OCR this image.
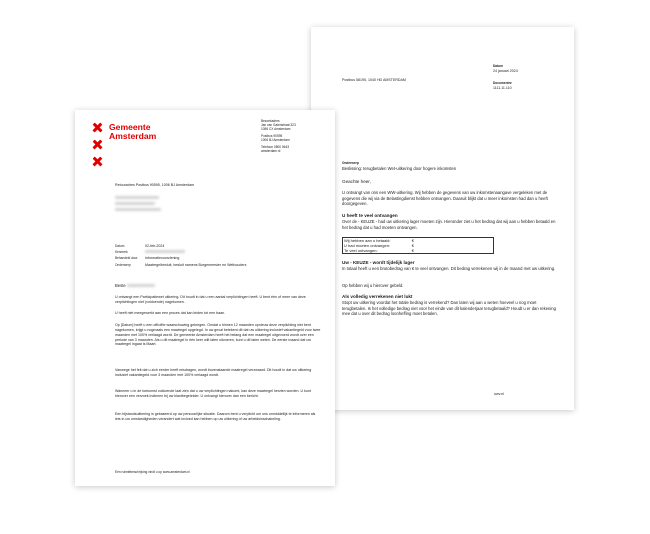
Datum
24 januari 2024
Documentnr
1111.11.110
Postbus 58195, 1040 HD AMSTERDAM
Onderwerp
Beslissing: terugbetalen Wet-uitkering door hogere inkomsten
Geachte heer,
U ontvangt van ons een WW-uitkering. Wij hebben de gegevens van uw inkomstenaangave vergeleken met de gegevens die wij via de Belastingdienst hebben ontvangen. Daaruit blijkt dat u meer inkomsten had dan u heeft doorgegeven.
U heeft te veel ontvangen
Over de - KEUZE - had uw uitkering lager moeten zijn. Hieronder ziet u het bedrag dat wij aan u hebben betaald en het bedrag dat u had moeten ontvangen.
Wij hebben aan u betaald:	€
U had moeten ontvangen:	€
Te veel ontvangen:	€
Uw - KEUZE - wordt tijdelijk lager
In totaal heeft u een brutobedrag van € te veel ontvangen. Dit bedrag verrekenen wij in de maand met uw uitkering.
Op hebben wij u hierover gebeld.
Als volledig verrekenen niet lukt
Stopt uw uitkering voordat het totale bedrag is verrekend? Dan laten wij aan u weten hoeveel u nog moet terugbetalen. Is het volledige bedrag niet voor het einde van dit kalenderjaar terugbetaald? Houdt u er dan rekening mee dat u over dit bedrag loonheffing moet betalen.
uwv.nl
Gemeente
Amsterdam
Bezoekadres
Jan van Galenstraat 323
1056 CX Amsterdam
Postbus 90595
1006 BJ Amsterdam
Telefoon 0800 0643
amsterdam.nl
Retouradres Postbus 90595, 1006 BJ Amsterdam
Datum	02-feb-2024
Kenmerk
Behandeld door Informatievoorziening
Onderwerp	Maatregelbesluit, besluit namens Burgemeester en Wethouders
Beste
U ontvangt een Participatiewet uitkering. Dit houdt in dat u een aantal verplichtingen heeft. U bent één of meer van deze verplichtingen niet (voldoende) nagekomen.
U heeft niet meegewerkt aan een proces dat kan leiden tot een baan.
Op [Datum] heeft u een officiële waarschuwing gekregen. Omdat u binnen 12 maanden opnieuw deze verplichting niet bent nagekomen, krijgt u nogmaals een maatregel opgelegd. In uw geval betekent dit dat uw uitkering inclusief vakantiegeld voor twee maanden met 100% verlaagd wordt. De gemeente Amsterdam heeft het belang dat een maatregel uitgevoerd wordt over een periode van 3 maanden. Als u dit maatregel in één keer wilt laten uitvoeren, kunt u dit laten weten. De eerste maand dat uw maatregel ingaat is Maart.
Vanwege het feit dat u zich eerder heeft misdragen, wordt bovenstaande maatregel verzwaard. Dit houdt in dat uw uitkering inclusief vakantiegeld voor 3 maanden met 100% verlaagd wordt.
Wanneer u in de toekomst voldoende laat zien dat u uw verplichtingen nakomt, kan deze maatregel herzien worden. U kunt hierover een verzoek indienen bij uw klantbegeleider. U ontvangt hierover dan een bericht.
Een bijstandsuitkering is gebaseerd op uw persoonlijke situatie. Daarom bent u verplicht om ons onmiddellijk te informeren als iets in uw omstandigheden verandert wat invloed kan hebben op uw uitkering of uw arbeidsinschakeling.
Een ruimtebeschrijving vindt u op www.amsterdam.nl
